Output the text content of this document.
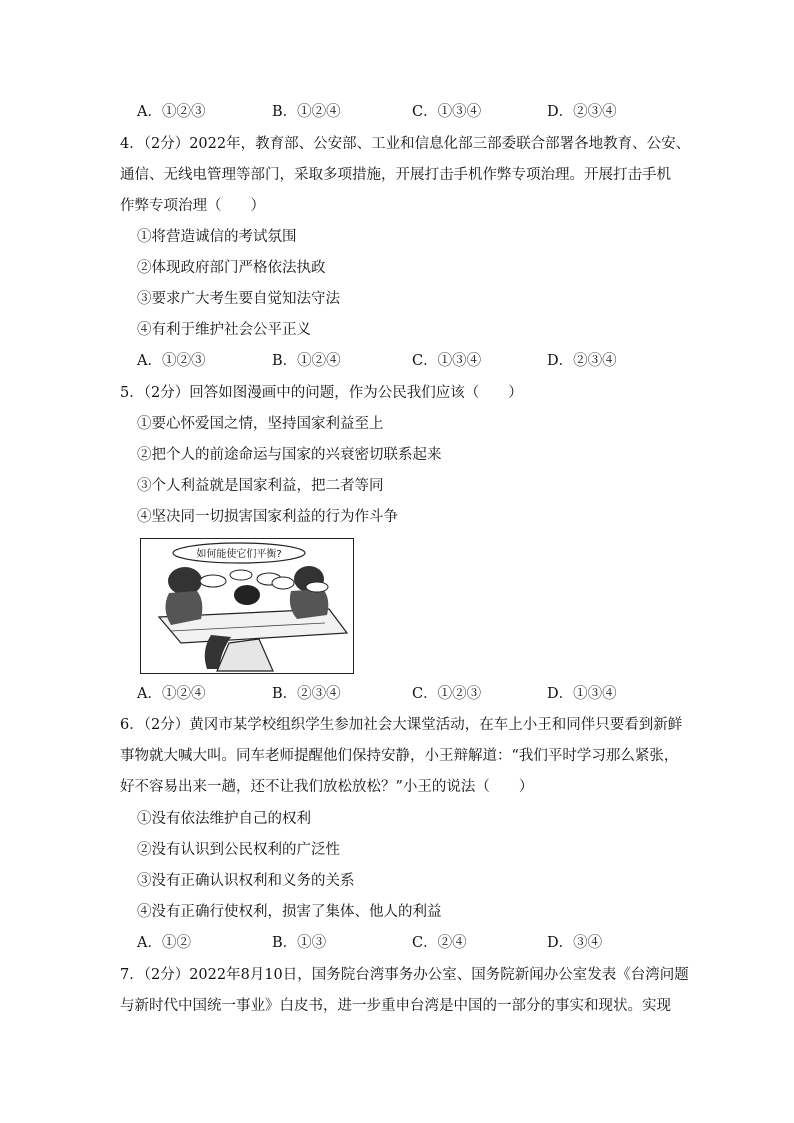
A．①②③	B．①②④	C．①③④	D．②③④
4．（2分）2022年，教育部、公安部、工业和信息化部三部委联合部署各地教育、公安、
通信、无线电管理等部门，采取多项措施，开展打击手机作弊专项治理。开展打击手机
作弊专项治理（　　）
①将营造诚信的考试氛围
②体现政府部门严格依法执政
③要求广大考生要自觉知法守法
④有利于维护社会公平正义
A．①②③	B．①②④	C．①③④	D．②③④
5．（2分）回答如图漫画中的问题，作为公民我们应该（　　）
①要心怀爱国之情，坚持国家利益至上
②把个人的前途命运与国家的兴衰密切联系起来
③个人利益就是国家利益，把二者等同
④坚决同一切损害国家利益的行为作斗争
如何能使它们平衡?
A．①②④	B．②③④	C．①②③	D．①③④
6．（2分）黄冈市某学校组织学生参加社会大课堂活动，在车上小王和同伴只要看到新鲜
事物就大喊大叫。同车老师提醒他们保持安静，小王辩解道：“我们平时学习那么紧张，
好不容易出来一趟，还不让我们放松放松？”小王的说法（　　）
①没有依法维护自己的权利
②没有认识到公民权利的广泛性
③没有正确认识权利和义务的关系
④没有正确行使权利，损害了集体、他人的利益
A．①②	B．①③	C．②④	D．③④
7．（2分）2022年8月10日，国务院台湾事务办公室、国务院新闻办公室发表《台湾问题
与新时代中国统一事业》白皮书，进一步重申台湾是中国的一部分的事实和现状。实现
